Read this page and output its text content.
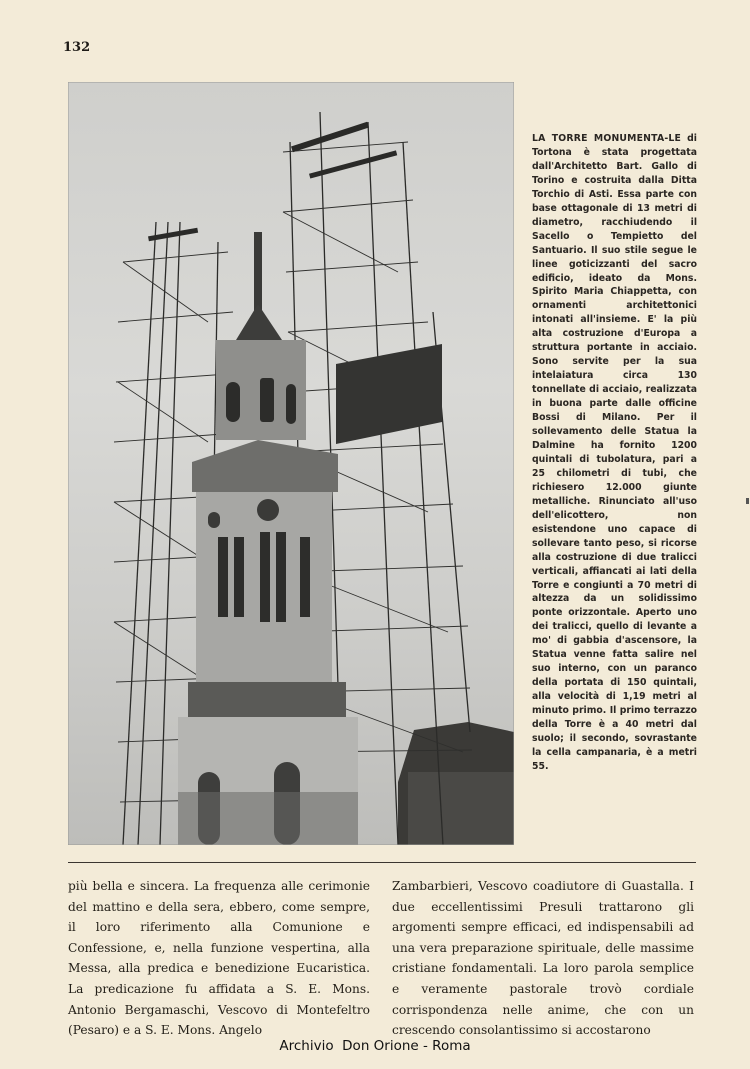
132
LA TORRE MONUMENTA-LE di Tortona è stata progettata dall'Architetto Bart. Gallo di Torino e costruita dalla Ditta Torchio di Asti. Essa parte con base ottagonale di 13 metri di diametro, racchiudendo il Sacello o Tempietto del Santuario. Il suo stile segue le linee goticizzanti del sacro edificio, ideato da Mons. Spirito Maria Chiappetta, con ornamenti architettonici intonati all'insieme. E' la più alta costruzione d'Europa a struttura portante in acciaio. Sono servite per la sua intelaiatura circa 130 tonnellate di acciaio, realizzata in buona parte dalle officine Bossi di Milano. Per il sollevamento delle Statua la Dalmine ha fornito 1200 quintali di tubolatura, pari a 25 chilometri di tubi, che richiesero 12.000 giunte metalliche. Rinunciato all'uso dell'elicottero, non esistendone uno capace di sollevare tanto peso, si ricorse alla costruzione di due tralicci verticali, affiancati ai lati della Torre e congiunti a 70 metri di altezza da un solidissimo ponte orizzontale. Aperto uno dei tralicci, quello di levante a mo' di gabbia d'ascensore, la Statua venne fatta salire nel suo interno, con un paranco della portata di 150 quintali, alla velocità di 1,19 metri al minuto primo. Il primo terrazzo della Torre è a 40 metri dal suolo; il secondo, sovrastante la cella campanaria, è a metri 55.
più bella e sincera. La frequenza alle cerimonie del mattino e della sera, ebbero, come sempre, il loro riferimento alla Comunione e Confessione, e, nella funzione vespertina, alla Messa, alla predica e benedizione Eucaristica. La predicazione fu affidata a S. E. Mons. Antonio Bergamaschi, Vescovo di Montefeltro (Pesaro) e a S. E. Mons. Angelo
Zambarbieri, Vescovo coadiutore di Guastalla. I due eccellentissimi Presuli trattarono gli argomenti sempre efficaci, ed indispensabili ad una vera preparazione spirituale, delle massime cristiane fondamentali. La loro parola semplice e veramente pastorale trovò cordiale corrispondenza nelle anime, che con un crescendo consolantissimo si accostarono
Archivio  Don Orione - Roma
